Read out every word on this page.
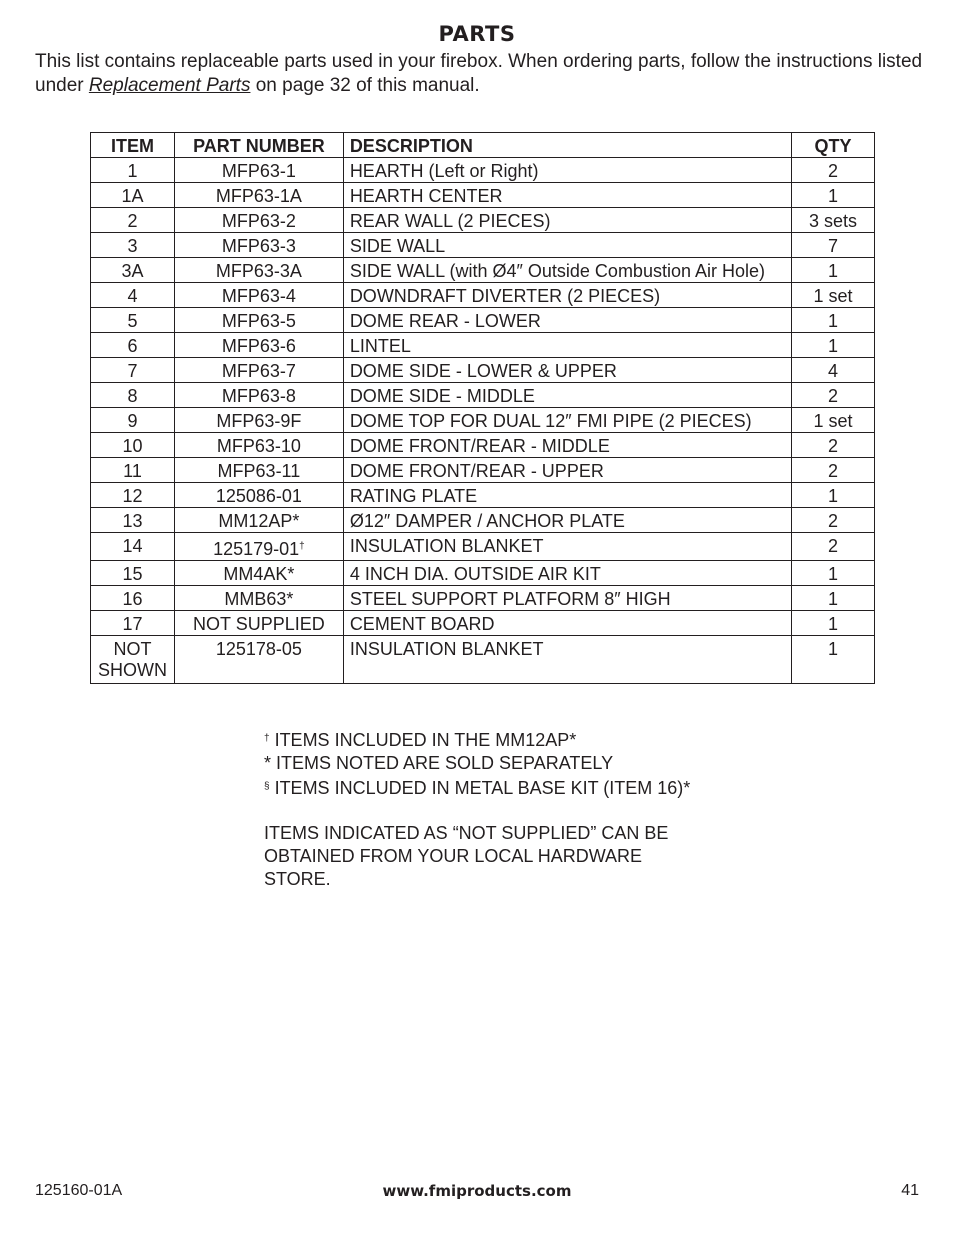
PARTS
This list contains replaceable parts used in your firebox. When ordering parts, follow the instructions listed under Replacement Parts on page 32 of this manual.
ITEM	PART NUMBER	DESCRIPTION	QTY
1	MFP63-1	HEARTH (Left or Right)	2
1A	MFP63-1A	HEARTH CENTER	1
2	MFP63-2	REAR WALL (2 PIECES)	3 sets
3	MFP63-3	SIDE WALL	7
3A	MFP63-3A	SIDE WALL (with Ø4″ Outside Combustion Air Hole)	1
4	MFP63-4	DOWNDRAFT DIVERTER (2 PIECES)	1 set
5	MFP63-5	DOME REAR - LOWER	1
6	MFP63-6	LINTEL	1
7	MFP63-7	DOME SIDE - LOWER & UPPER	4
8	MFP63-8	DOME SIDE - MIDDLE	2
9	MFP63-9F	DOME TOP FOR DUAL 12″ FMI PIPE (2 PIECES)	1 set
10	MFP63-10	DOME FRONT/REAR - MIDDLE	2
11	MFP63-11	DOME FRONT/REAR - UPPER	2
12	125086-01	RATING PLATE	1
13	MM12AP*	Ø12″ DAMPER / ANCHOR PLATE	2
14	125179-01†	INSULATION BLANKET	2
15	MM4AK*	4 INCH DIA. OUTSIDE AIR KIT	1
16	MMB63*	STEEL SUPPORT PLATFORM 8″ HIGH	1
17	NOT SUPPLIED	CEMENT BOARD	1

NOT
SHOWN	125178-05	INSULATION BLANKET	1
† ITEMS INCLUDED IN THE MM12AP*
* ITEMS NOTED ARE SOLD SEPARATELY
§ ITEMS INCLUDED IN METAL BASE KIT (ITEM 16)*
ITEMS INDICATED AS “NOT SUPPLIED” CAN BE
OBTAINED FROM YOUR LOCAL HARDWARE
STORE.
125160-01A	www.fmiproducts.com	41
